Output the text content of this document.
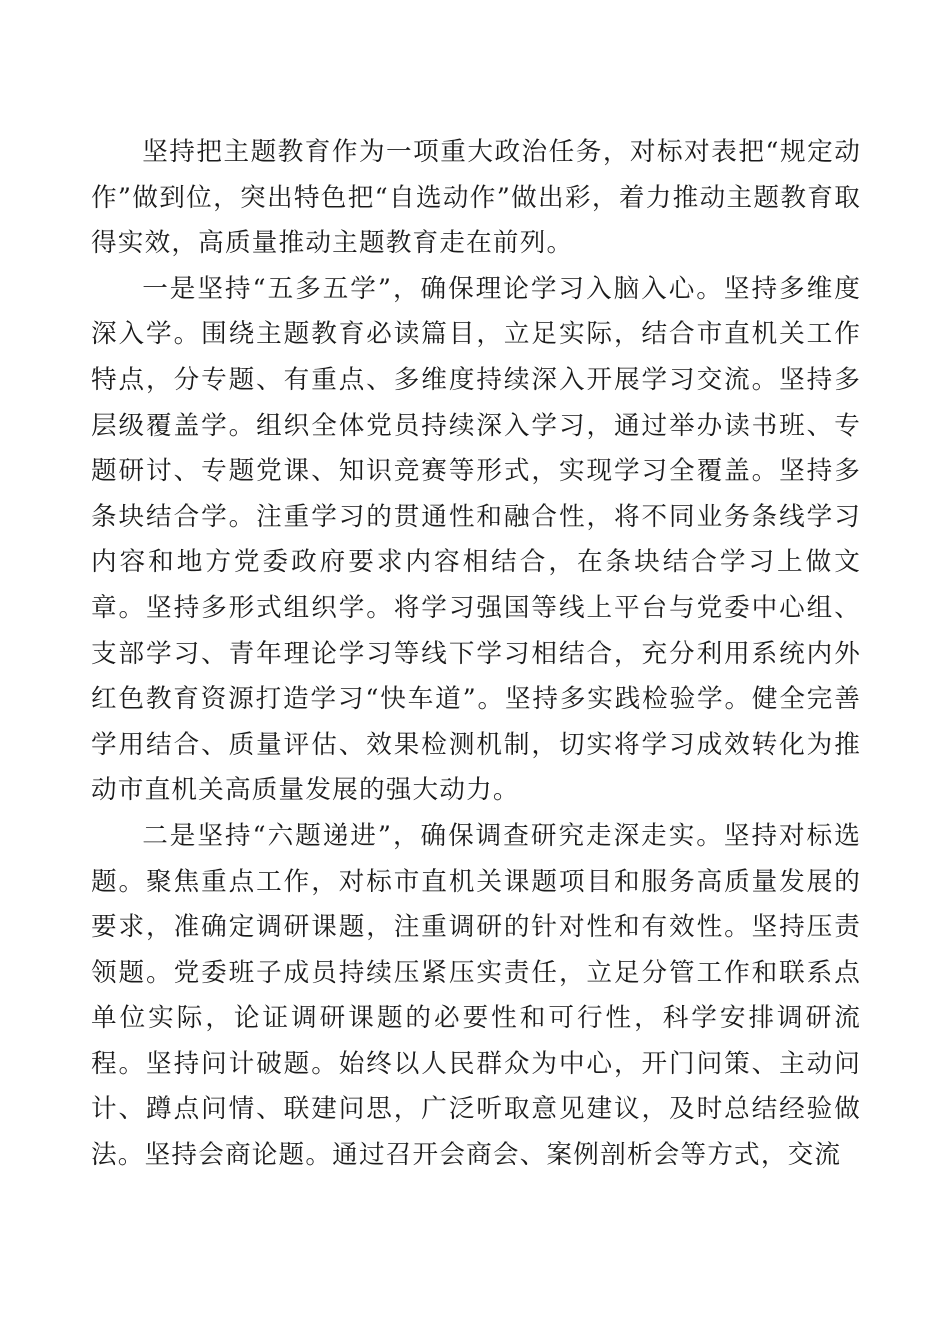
坚持把主题教育作为一项重大政治任务，对标对表把“规定动作”做到位，突出特色把“自选动作”做出彩，着力推动主题教育取得实效，高质量推动主题教育走在前列。

一是坚持“五多五学”，确保理论学习入脑入心。坚持多维度深入学。围绕主题教育必读篇目，立足实际，结合市直机关工作特点，分专题、有重点、多维度持续深入开展学习交流。坚持多层级覆盖学。组织全体党员持续深入学习，通过举办读书班、专题研讨、专题党课、知识竞赛等形式，实现学习全覆盖。坚持多条块结合学。注重学习的贯通性和融合性，将不同业务条线学习内容和地方党委政府要求内容相结合，在条块结合学习上做文章。坚持多形式组织学。将学习强国等线上平台与党委中心组、支部学习、青年理论学习等线下学习相结合，充分利用系统内外红色教育资源打造学习“快车道”。坚持多实践检验学。健全完善学用结合、质量评估、效果检测机制，切实将学习成效转化为推动市直机关高质量发展的强大动力。

二是坚持“六题递进”，确保调查研究走深走实。坚持对标选题。聚焦重点工作，对标市直机关课题项目和服务高质量发展的要求，准确定调研课题，注重调研的针对性和有效性。坚持压责领题。党委班子成员持续压紧压实责任，立足分管工作和联系点单位实际，论证调研课题的必要性和可行性，科学安排调研流程。坚持问计破题。始终以人民群众为中心，开门问策、主动问计、蹲点问情、联建问思，广泛听取意见建议，及时总结经验做法。坚持会商论题。通过召开会商会、案例剖析会等方式，交流
